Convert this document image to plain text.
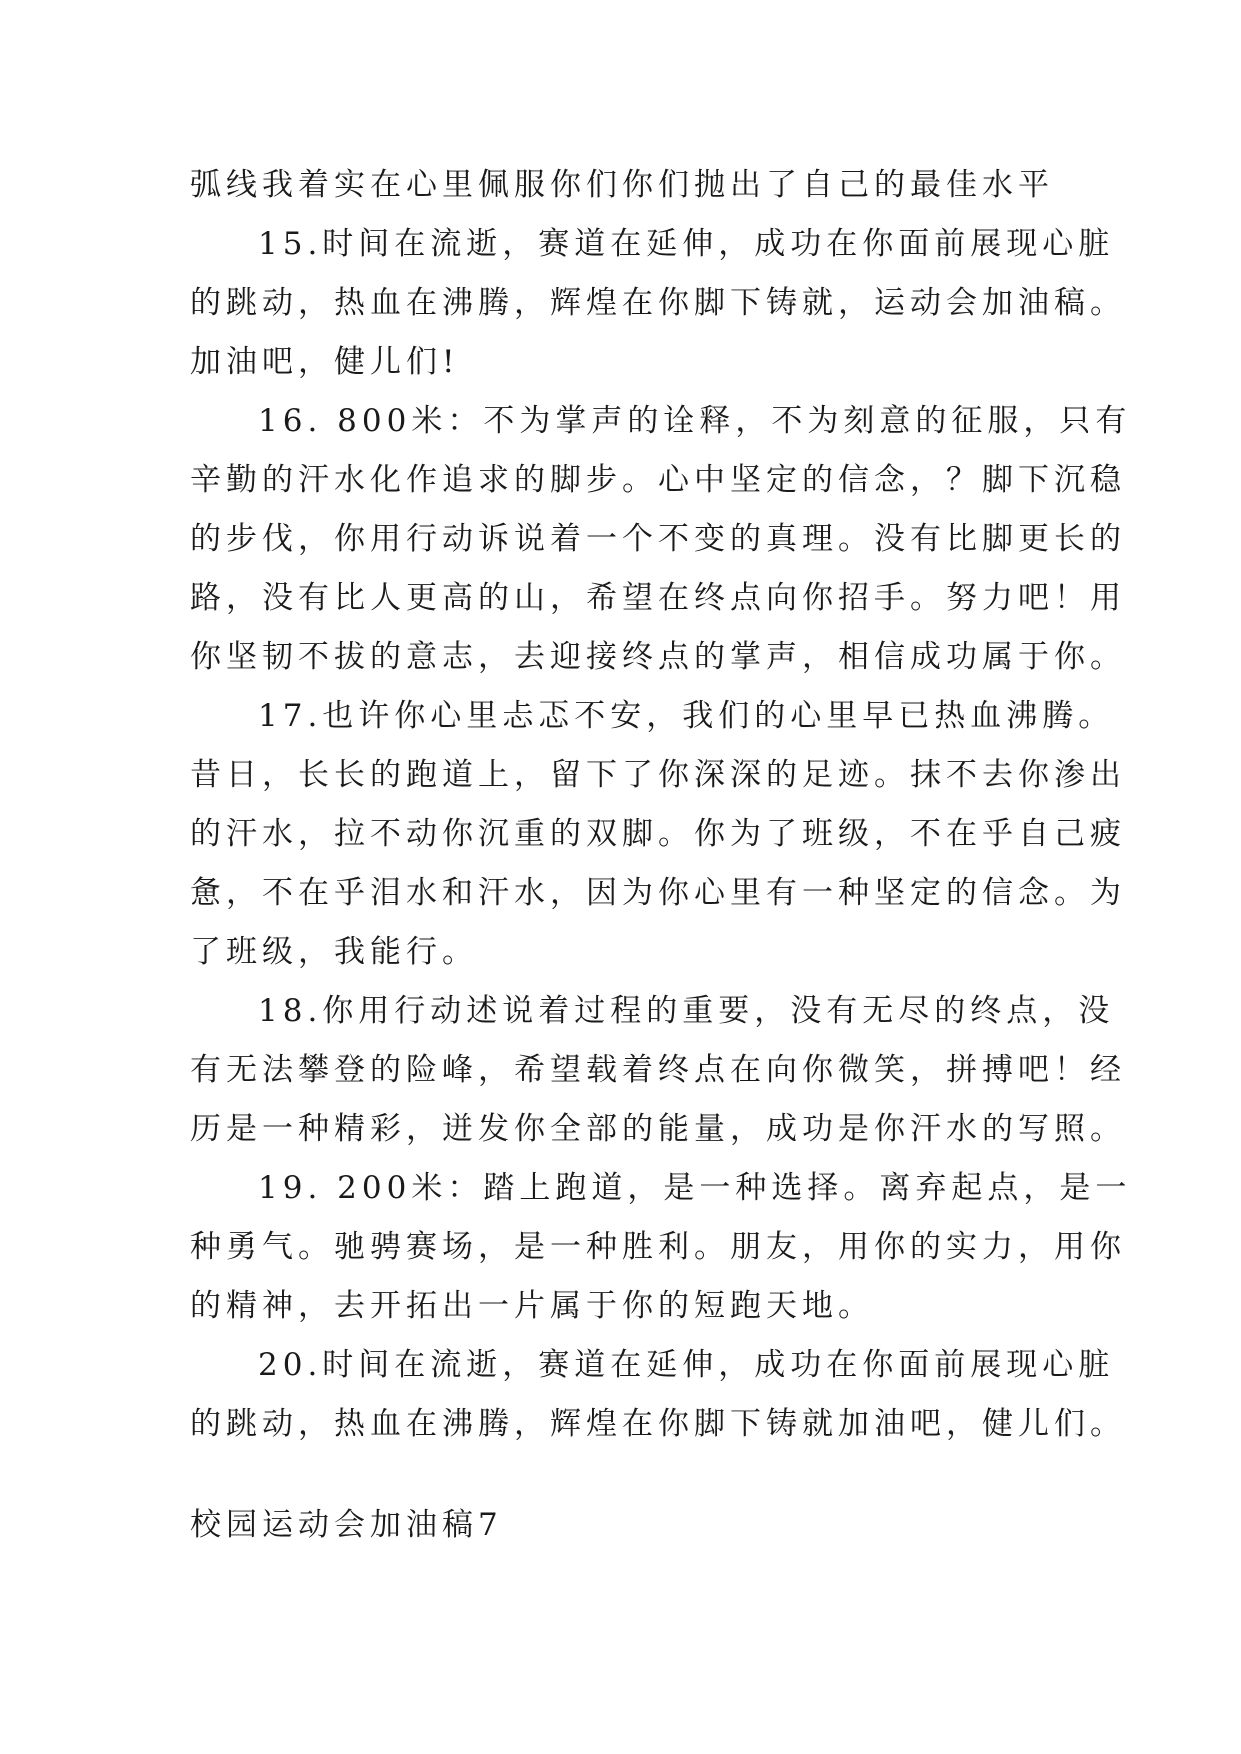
弧线我着实在心里佩服你们你们抛出了自己的最佳水平
15.时间在流逝，赛道在延伸，成功在你面前展现心脏
的跳动，热血在沸腾，辉煌在你脚下铸就，运动会加油稿。
加油吧，健儿们!
16. 800米：不为掌声的诠释，不为刻意的征服，只有
辛勤的汗水化作追求的脚步。心中坚定的信念，？脚下沉稳
的步伐，你用行动诉说着一个不变的真理。没有比脚更长的
路，没有比人更高的山，希望在终点向你招手。努力吧！用
你坚韧不拔的意志，去迎接终点的掌声，相信成功属于你。
17.也许你心里忐忑不安，我们的心里早已热血沸腾。
昔日，长长的跑道上，留下了你深深的足迹。抹不去你渗出
的汗水，拉不动你沉重的双脚。你为了班级，不在乎自己疲
惫，不在乎泪水和汗水，因为你心里有一种坚定的信念。为
了班级，我能行。
18.你用行动述说着过程的重要，没有无尽的终点，没
有无法攀登的险峰，希望载着终点在向你微笑，拼搏吧！经
历是一种精彩，迸发你全部的能量，成功是你汗水的写照。
19. 200米：踏上跑道，是一种选择。离弃起点，是一
种勇气。驰骋赛场，是一种胜利。朋友，用你的实力，用你
的精神，去开拓出一片属于你的短跑天地。
20.时间在流逝，赛道在延伸，成功在你面前展现心脏
的跳动，热血在沸腾，辉煌在你脚下铸就加油吧，健儿们。
校园运动会加油稿7
